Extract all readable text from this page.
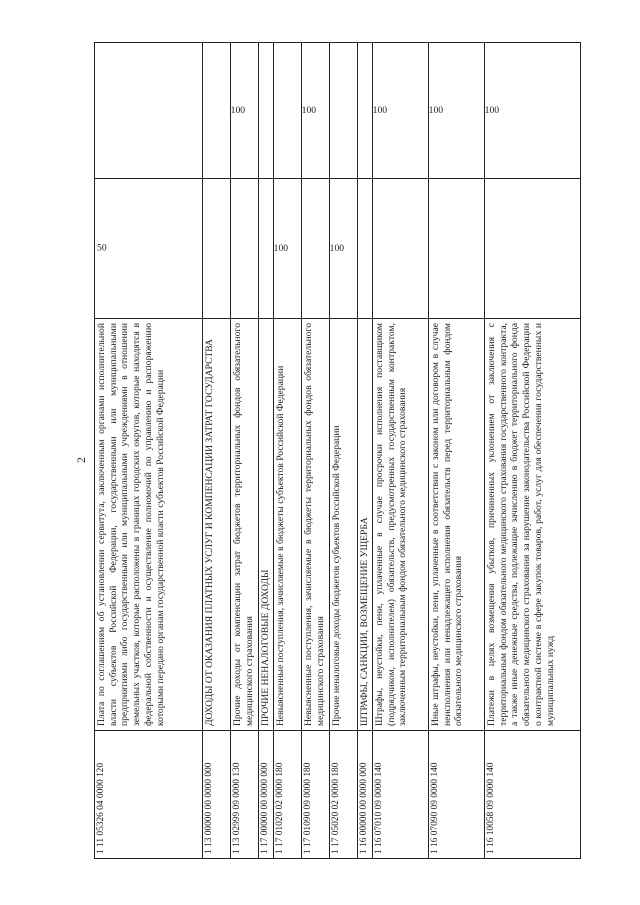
2
1 11 05326 04 0000 120	Плата по соглашениям об установлении сервитута, заключенным органами исполнительной власти субъектов Российской Федерации, государственными или муниципальными предприятиями либо государственными или муниципальными учреждениями в отношении земельных участков, которые расположены в границах городских округов, которые находятся в федеральной собственности и осуществление полномочий по управлению и распоряжению которыми передано органам государственной власти субъектов Российской Федерации	50	
1 13 00000 00 0000 000	ДОХОДЫ ОТ ОКАЗАНИЯ ПЛАТНЫХ УСЛУГ И КОМПЕНСАЦИИ ЗАТРАТ ГОСУДАРСТВА		
1 13 02999 09 0000 130	Прочие доходы от компенсации затрат бюджетов территориальных фондов обязательного медицинского страхования		100
1 17 00000 00 0000 000	ПРОЧИЕ НЕНАЛОГОВЫЕ ДОХОДЫ		
1 17 01020 02 0000 180	Невыясненные поступления, зачисляемые в бюджеты субъектов Российской Федерации	100	
1 17 01090 09 0000 180	Невыясненные поступления, зачисляемые в бюджеты территориальных фондов обязательного медицинского страхования		100
1 17 05020 02 0000 180	Прочие неналоговые доходы бюджетов субъектов Российской Федерации	100	
1 16 00000 00 0000 000	ШТРАФЫ, САНКЦИИ, ВОЗМЕЩЕНИЕ УЩЕРБА		
1 16 07010 09 0000 140	Штрафы, неустойки, пени, уплаченные в случае просрочки исполнения поставщиком (подрядчиком, исполнителем) обязательств, предусмотренных государственным контрактом, заключенным территориальным фондом обязательного медицинского страхования		100
1 16 07090 09 0000 140	Иные штрафы, неустойки, пени, уплаченные в соответствии с законом или договором в случае неисполнения или ненадлежащего исполнения обязательств перед территориальным фондом обязательного медицинского страхования		100
1 16 10058 09 0000 140	Платежи в целях возмещения убытков, причиненных уклонением от заключения с территориальным фондом обязательного медицинского страхования государственного контракта, а также иные денежные средства, подлежащие зачислению в бюджет территориального фонда обязательного медицинского страхования за нарушение законодательства Российской Федерации о контрактной системе в сфере закупок товаров, работ, услуг для обеспечения государственных и муниципальных нужд		100
